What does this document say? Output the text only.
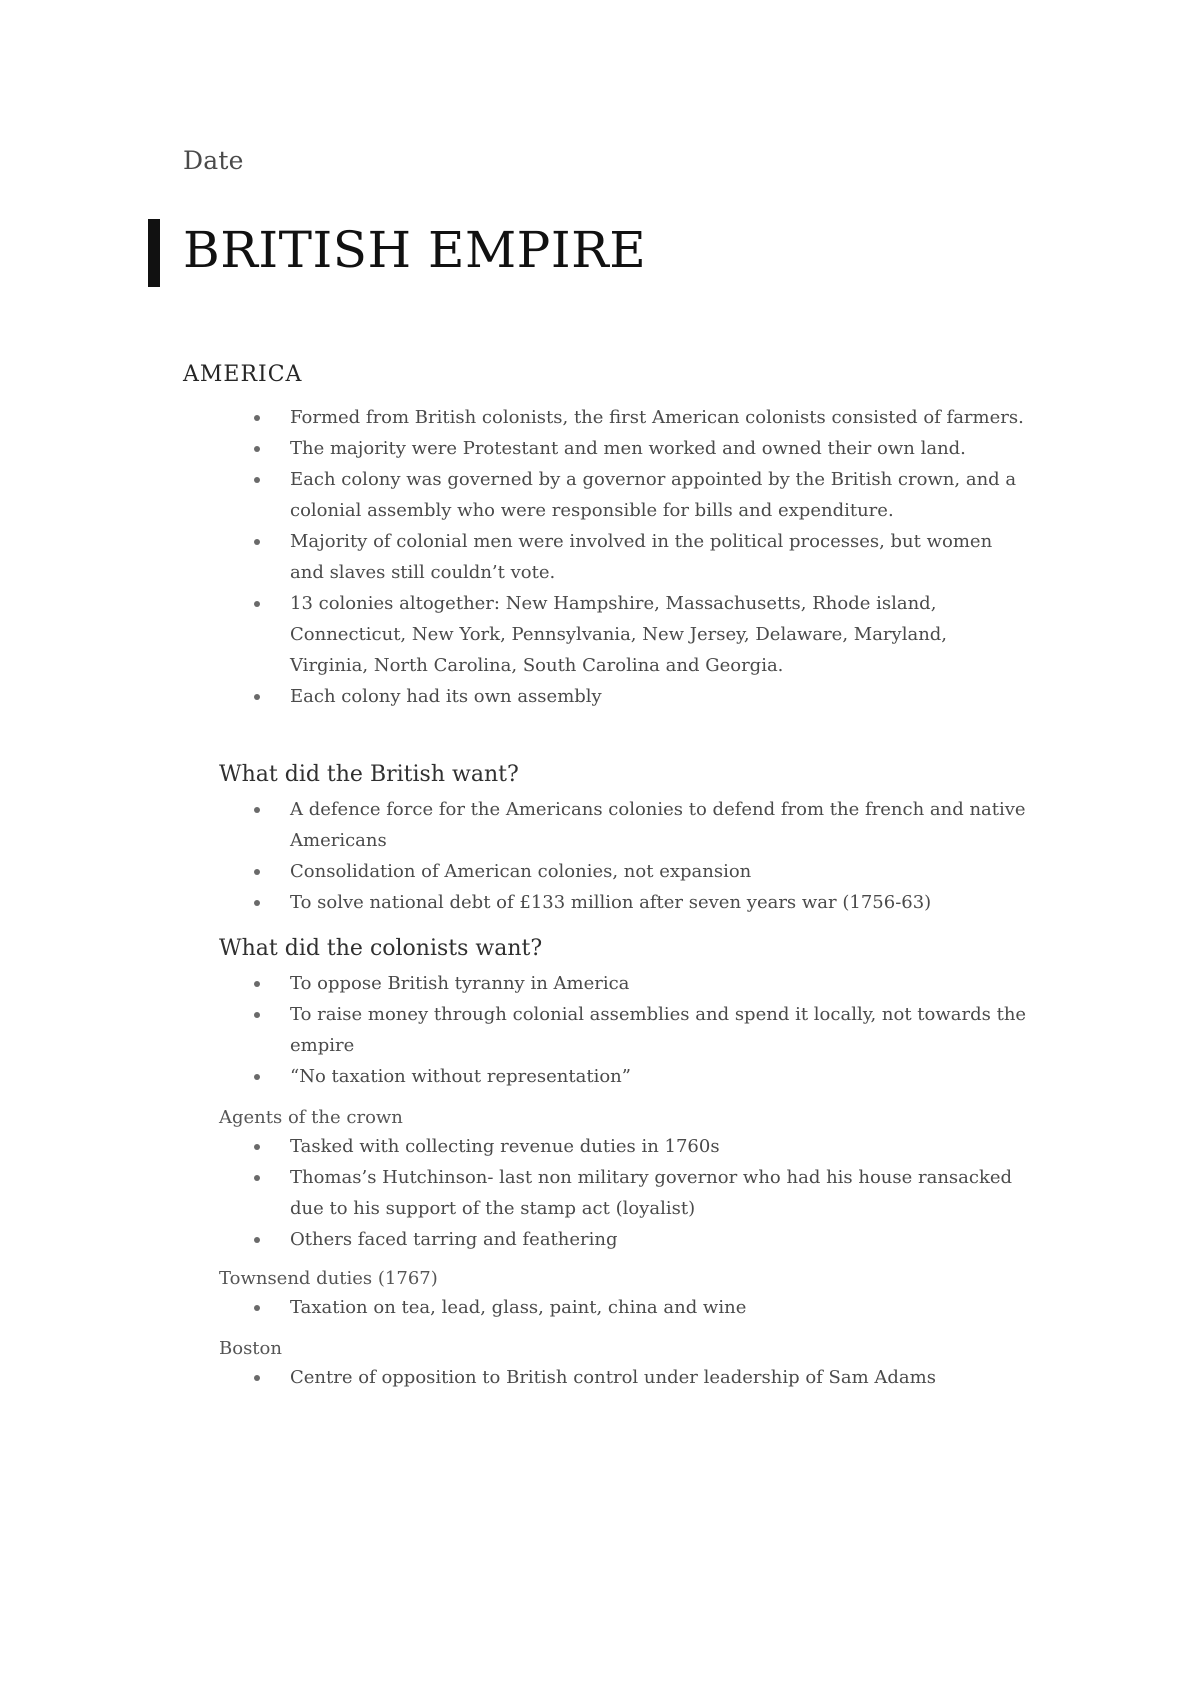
Date
BRITISH EMPIRE
AMERICA
Formed from British colonists, the first American colonists consisted of farmers.
The majority were Protestant and men worked and owned their own land.
Each colony was governed by a governor appointed by the British crown, and a colonial assembly who were responsible for bills and expenditure.
Majority of colonial men were involved in the political processes, but women and slaves still couldn’t vote.
13 colonies altogether: New Hampshire, Massachusetts, Rhode island, Connecticut, New York, Pennsylvania, New Jersey, Delaware, Maryland, Virginia, North Carolina, South Carolina and Georgia.
Each colony had its own assembly
What did the British want?
A defence force for the Americans colonies to defend from the french and native Americans
Consolidation of American colonies, not expansion
To solve national debt of £133 million after seven years war (1756-63)
What did the colonists want?
To oppose British tyranny in America
To raise money through colonial assemblies and spend it locally, not towards the empire
“No taxation without representation”
Agents of the crown
Tasked with collecting revenue duties in 1760s
Thomas’s Hutchinson- last non military governor who had his house ransacked due to his support of the stamp act (loyalist)
Others faced tarring and feathering
Townsend duties (1767)
Taxation on tea, lead, glass, paint, china and wine
Boston
Centre of opposition to British control under leadership of Sam Adams
